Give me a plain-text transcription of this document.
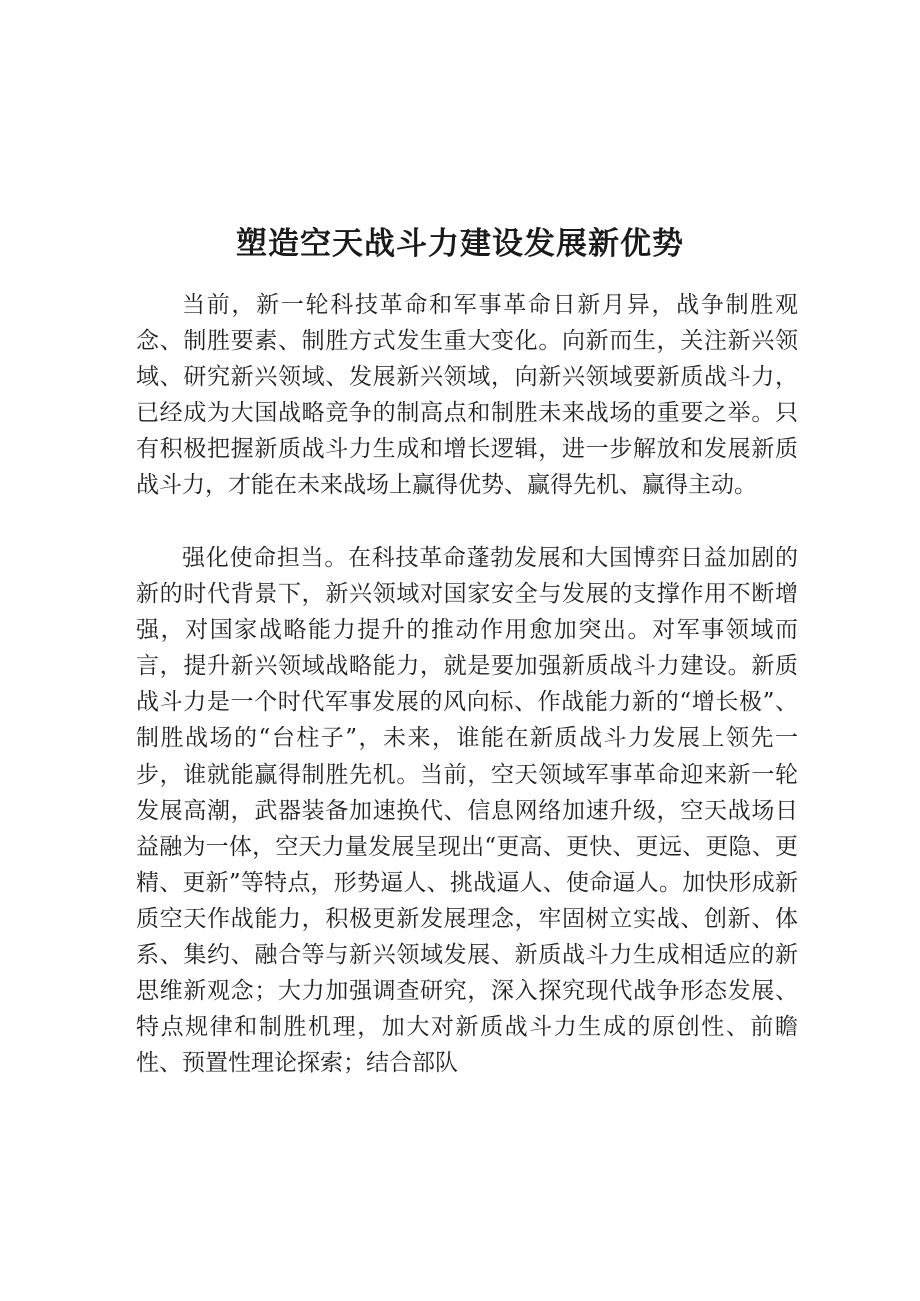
塑造空天战斗力建设发展新优势

当前，新一轮科技革命和军事革命日新月异，战争制胜观念、制胜要素、制胜方式发生重大变化。向新而生，关注新兴领域、研究新兴领域、发展新兴领域，向新兴领域要新质战斗力，已经成为大国战略竞争的制高点和制胜未来战场的重要之举。只有积极把握新质战斗力生成和增长逻辑，进一步解放和发展新质战斗力，才能在未来战场上赢得优势、赢得先机、赢得主动。

强化使命担当。在科技革命蓬勃发展和大国博弈日益加剧的新的时代背景下，新兴领域对国家安全与发展的支撑作用不断增强，对国家战略能力提升的推动作用愈加突出。对军事领域而言，提升新兴领域战略能力，就是要加强新质战斗力建设。新质战斗力是一个时代军事发展的风向标、作战能力新的“增长极”、制胜战场的“台柱子”，未来，谁能在新质战斗力发展上领先一步，谁就能赢得制胜先机。当前，空天领域军事革命迎来新一轮发展高潮，武器装备加速换代、信息网络加速升级，空天战场日益融为一体，空天力量发展呈现出“更高、更快、更远、更隐、更精、更新”等特点，形势逼人、挑战逼人、使命逼人。加快形成新质空天作战能力，积极更新发展理念，牢固树立实战、创新、体系、集约、融合等与新兴领域发展、新质战斗力生成相适应的新思维新观念；大力加强调查研究，深入探究现代战争形态发展、特点规律和制胜机理，加大对新质战斗力生成的原创性、前瞻性、预置性理论探索；结合部队
